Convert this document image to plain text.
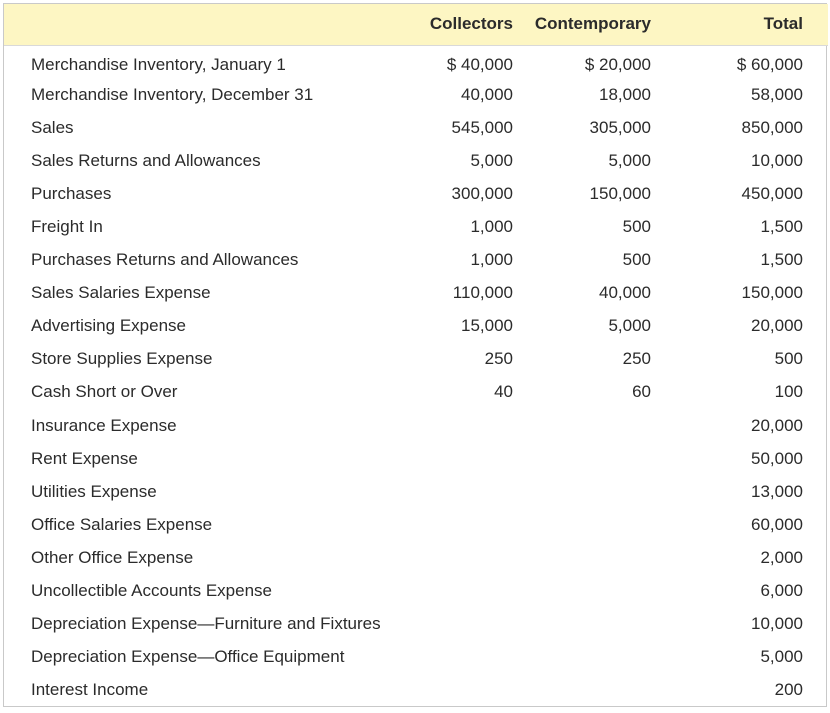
	Collectors	Contemporary	Total
Merchandise Inventory, January 1	$ 40,000	$ 20,000	$ 60,000
Merchandise Inventory, December 31	40,000	18,000	58,000
Sales	545,000	305,000	850,000
Sales Returns and Allowances	5,000	5,000	10,000
Purchases	300,000	150,000	450,000
Freight In	1,000	500	1,500
Purchases Returns and Allowances	1,000	500	1,500
Sales Salaries Expense	110,000	40,000	150,000
Advertising Expense	15,000	5,000	20,000
Store Supplies Expense	250	250	500
Cash Short or Over	40	60	100
Insurance Expense			20,000
Rent Expense			50,000
Utilities Expense			13,000
Office Salaries Expense			60,000
Other Office Expense			2,000
Uncollectible Accounts Expense			6,000
Depreciation Expense—Furniture and Fixtures			10,000
Depreciation Expense—Office Equipment			5,000
Interest Income			200
